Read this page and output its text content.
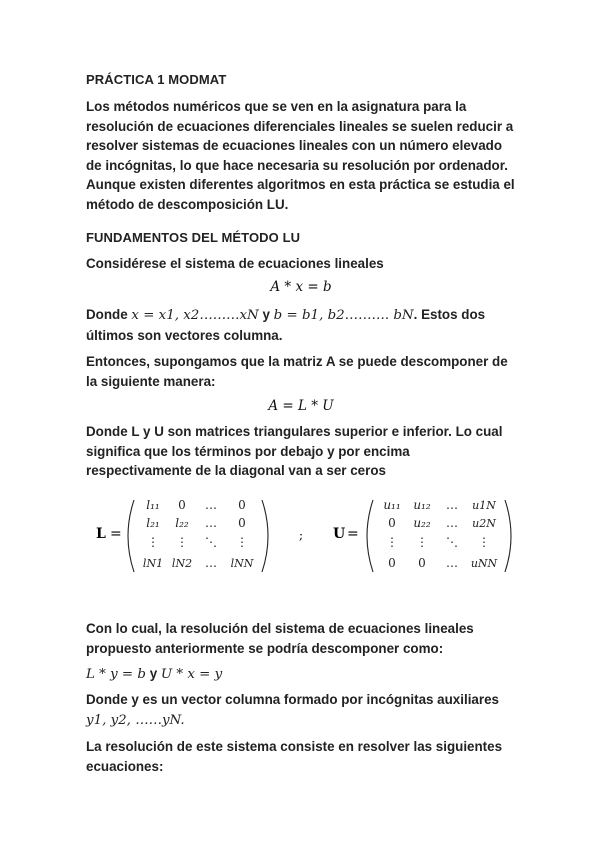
PRÁCTICA 1 MODMAT

Los métodos numéricos que se ven en la asignatura para la resolución de ecuaciones diferenciales lineales se suelen reducir a resolver sistemas de ecuaciones lineales con un número elevado de incógnitas, lo que hace necesaria su resolución por ordenador. Aunque existen diferentes algoritmos en esta práctica se estudia el método de descomposición LU.

FUNDAMENTOS DEL MÉTODO LU

Considérese el sistema de ecuaciones lineales

A * x = b

Donde x = x1, x2………xN y b = b1, b2………. bN. Estos dos últimos son vectores columna.

Entonces, supongamos que la matriz A se puede descomponer de la siguiente manera:

A = L * U

Donde L y U son matrices triangulares superior e inferior. Lo cual significa que los términos por debajo y por encima respectivamente de la diagonal van a ser ceros

L =
l₁₁ 0 … 0
l₂₁ l₂₂ … 0
⋮ ⋮ ⋱ ⋮
lN1 lN2 … lNN
; U =
u₁₁ u₁₂ … u1N
0 u₂₂ … u2N
⋮ ⋮ ⋱ ⋮
0 0 … uNN

Con lo cual, la resolución del sistema de ecuaciones lineales propuesto anteriormente se podría descomponer como:

L * y = b y U * x = y

Donde y es un vector columna formado por incógnitas auxiliares
y1, y2, ……yN.

La resolución de este sistema consiste en resolver las siguientes ecuaciones:
